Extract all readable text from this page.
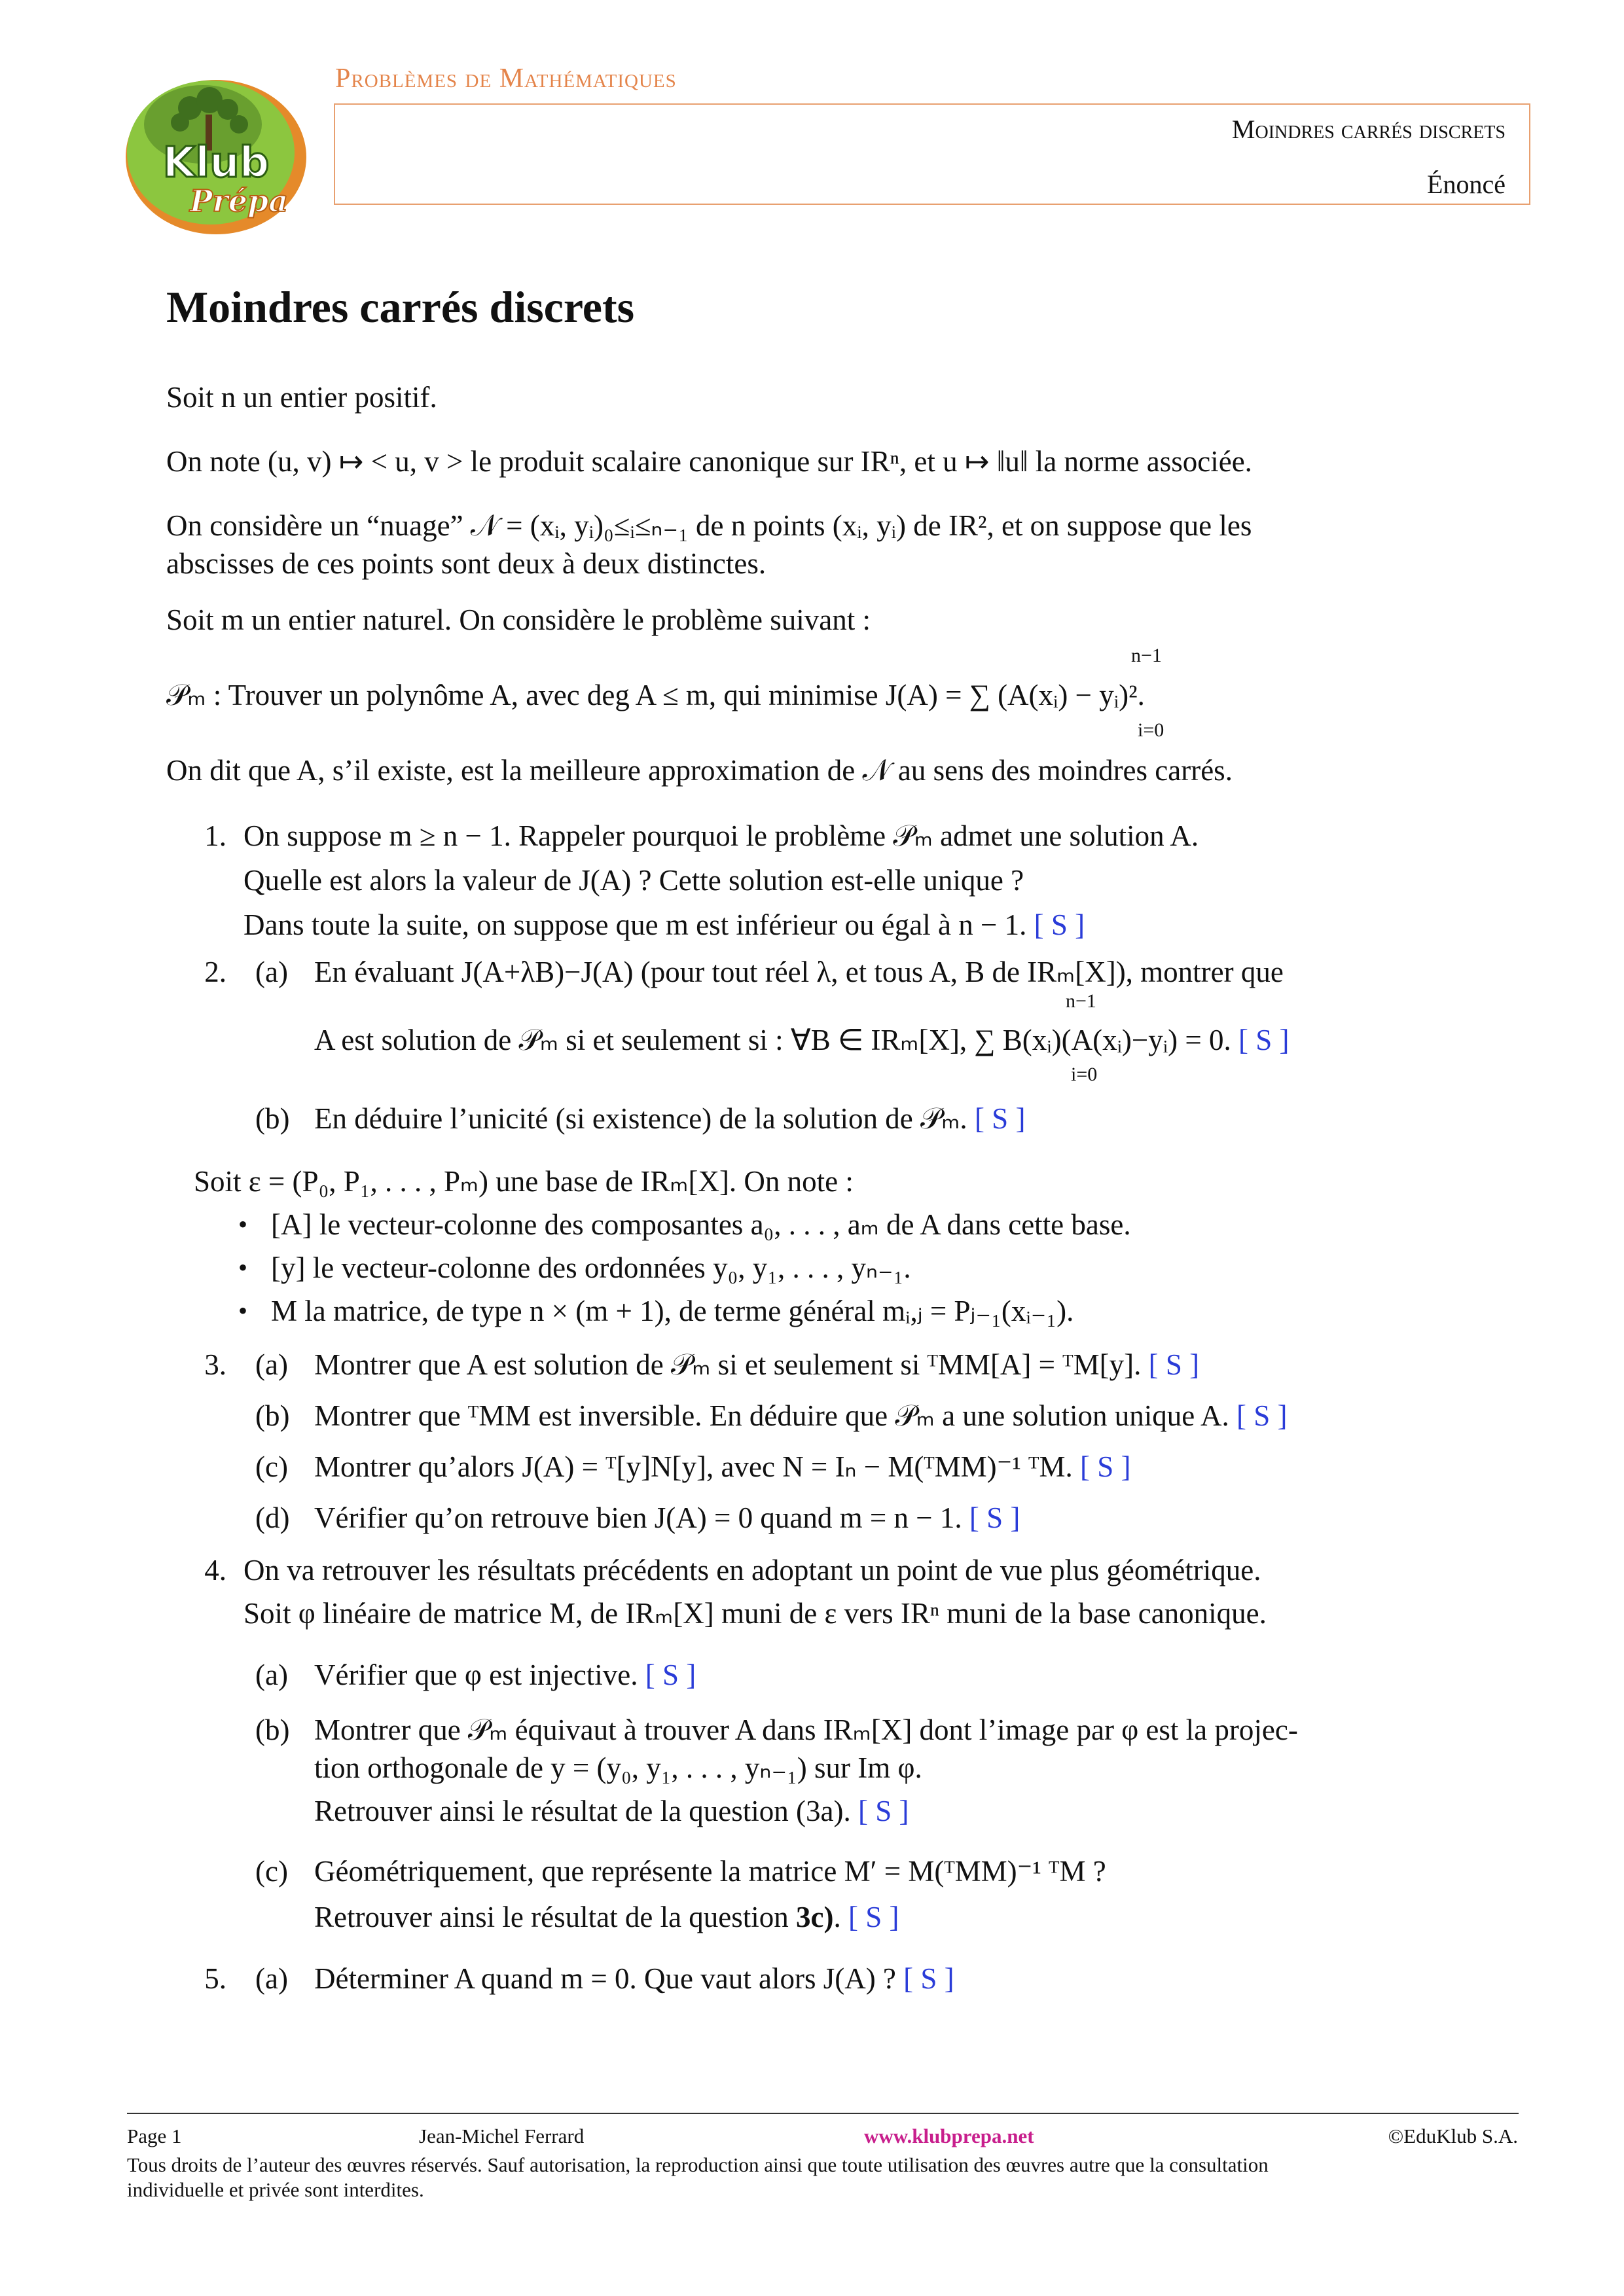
Klub
Prépa
Problèmes de Mathématiques
Moindres carrés discrets
Énoncé
Moindres carrés discrets
Soit n un entier positif.
On note (u, v) ↦ < u, v > le produit scalaire canonique sur IRⁿ, et u ↦ ‖u‖ la norme associée.
On considère un “nuage” 𝒩 = (xᵢ, yᵢ)₀≤ᵢ≤ₙ₋₁ de n points (xᵢ, yᵢ) de IR², et on suppose que les
abscisses de ces points sont deux à deux distinctes.
Soit m un entier naturel. On considère le problème suivant :
n−1
𝒫ₘ : Trouver un polynôme A, avec deg A ≤ m, qui minimise J(A) = ∑ (A(xᵢ) − yᵢ)².
i=0
On dit que A, s’il existe, est la meilleure approximation de 𝒩 au sens des moindres carrés.
1. On suppose m ≥ n − 1. Rappeler pourquoi le problème 𝒫ₘ admet une solution A.
Quelle est alors la valeur de J(A) ? Cette solution est-elle unique ?
Dans toute la suite, on suppose que m est inférieur ou égal à n − 1. [ S ]
2. (a) En évaluant J(A+λB)−J(A) (pour tout réel λ, et tous A, B de IRₘ[X]), montrer que
n−1
A est solution de 𝒫ₘ si et seulement si : ∀B ∈ IRₘ[X], ∑ B(xᵢ)(A(xᵢ)−yᵢ) = 0. [ S ]
i=0
(b) En déduire l’unicité (si existence) de la solution de 𝒫ₘ. [ S ]
Soit ε = (P₀, P₁, . . . , Pₘ) une base de IRₘ[X]. On note :
• [A] le vecteur-colonne des composantes a₀, . . . , aₘ de A dans cette base.
• [y] le vecteur-colonne des ordonnées y₀, y₁, . . . , yₙ₋₁.
• M la matrice, de type n × (m + 1), de terme général mᵢ,ⱼ = Pⱼ₋₁(xᵢ₋₁).
3. (a) Montrer que A est solution de 𝒫ₘ si et seulement si ᵀMM[A] = ᵀM[y]. [ S ]
(b) Montrer que ᵀMM est inversible. En déduire que 𝒫ₘ a une solution unique A. [ S ]
(c) Montrer qu’alors J(A) = ᵀ[y]N[y], avec N = Iₙ − M(ᵀMM)⁻¹ ᵀM. [ S ]
(d) Vérifier qu’on retrouve bien J(A) = 0 quand m = n − 1. [ S ]
4. On va retrouver les résultats précédents en adoptant un point de vue plus géométrique.
Soit φ linéaire de matrice M, de IRₘ[X] muni de ε vers IRⁿ muni de la base canonique.
(a) Vérifier que φ est injective. [ S ]
(b) Montrer que 𝒫ₘ équivaut à trouver A dans IRₘ[X] dont l’image par φ est la projec-
tion orthogonale de y = (y₀, y₁, . . . , yₙ₋₁) sur Im φ.
Retrouver ainsi le résultat de la question (3a). [ S ]
(c) Géométriquement, que représente la matrice M′ = M(ᵀMM)⁻¹ ᵀM ?
Retrouver ainsi le résultat de la question 3c). [ S ]
5. (a) Déterminer A quand m = 0. Que vaut alors J(A) ? [ S ]
Page 1	Jean-Michel Ferrard	www.klubprepa.net	©EduKlub S.A.
Tous droits de l’auteur des œuvres réservés. Sauf autorisation, la reproduction ainsi que toute utilisation des œuvres autre que la consultation
individuelle et privée sont interdites.
